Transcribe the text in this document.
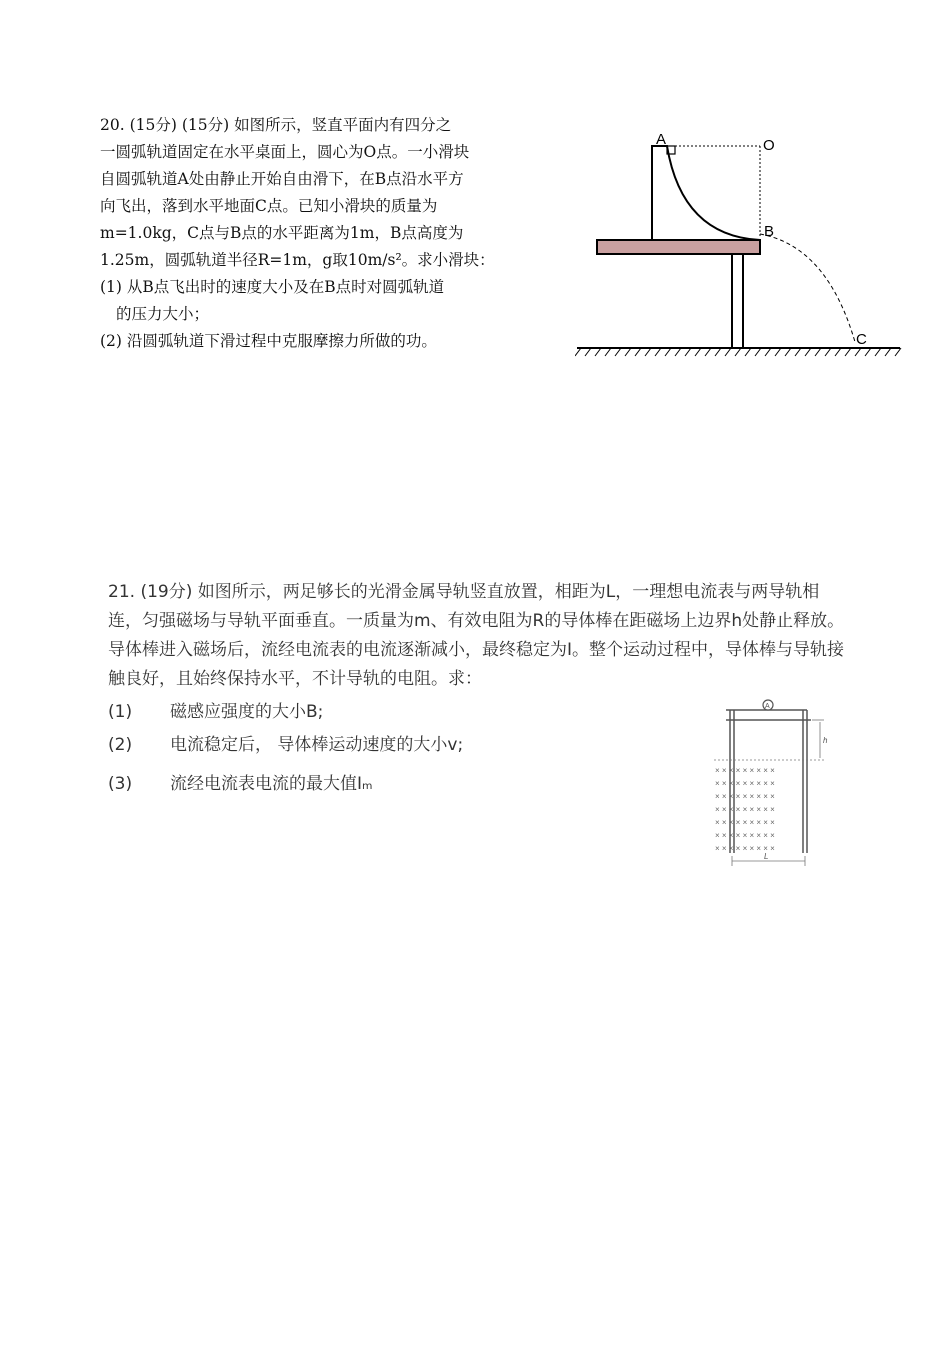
20. (15分) (15分) 如图所示，竖直平面内有四分之

一圆弧轨道固定在水平桌面上，圆心为O点。一小滑块

自圆弧轨道A处由静止开始自由滑下，在B点沿水平方

向飞出，落到水平地面C点。已知小滑块的质量为

m=1.0kg，C点与B点的水平距离为1m，B点高度为

1.25m，圆弧轨道半径R=1m，g取10m/s²。求小滑块：

(1) 从B点飞出时的速度大小及在B点时对圆弧轨道

的压力大小；

(2) 沿圆弧轨道下滑过程中克服摩擦力所做的功。

A	O
B
C

21. (19分) 如图所示，两足够长的光滑金属导轨竖直放置，相距为L，一理想电流表与两导轨相连，匀强磁场与导轨平面垂直。一质量为m、有效电阻为R的导体棒在距磁场上边界h处静止释放。导体棒进入磁场后，流经电流表的电流逐渐减小，最终稳定为I。整个运动过程中，导体棒与导轨接触良好，且始终保持水平，不计导轨的电阻。求：

(1)	磁感应强度的大小B;
(2)	电流稳定后， 导体棒运动速度的大小v;
(3)	流经电流表电流的最大值Iₘ
A
h
× × × × × × × × ×
× × × × × × × × ×
× × × × × × × × ×
× × × × × × × × ×
× × × × × × × × ×
× × × × × × × × ×
× × × × × × × × ×
L
